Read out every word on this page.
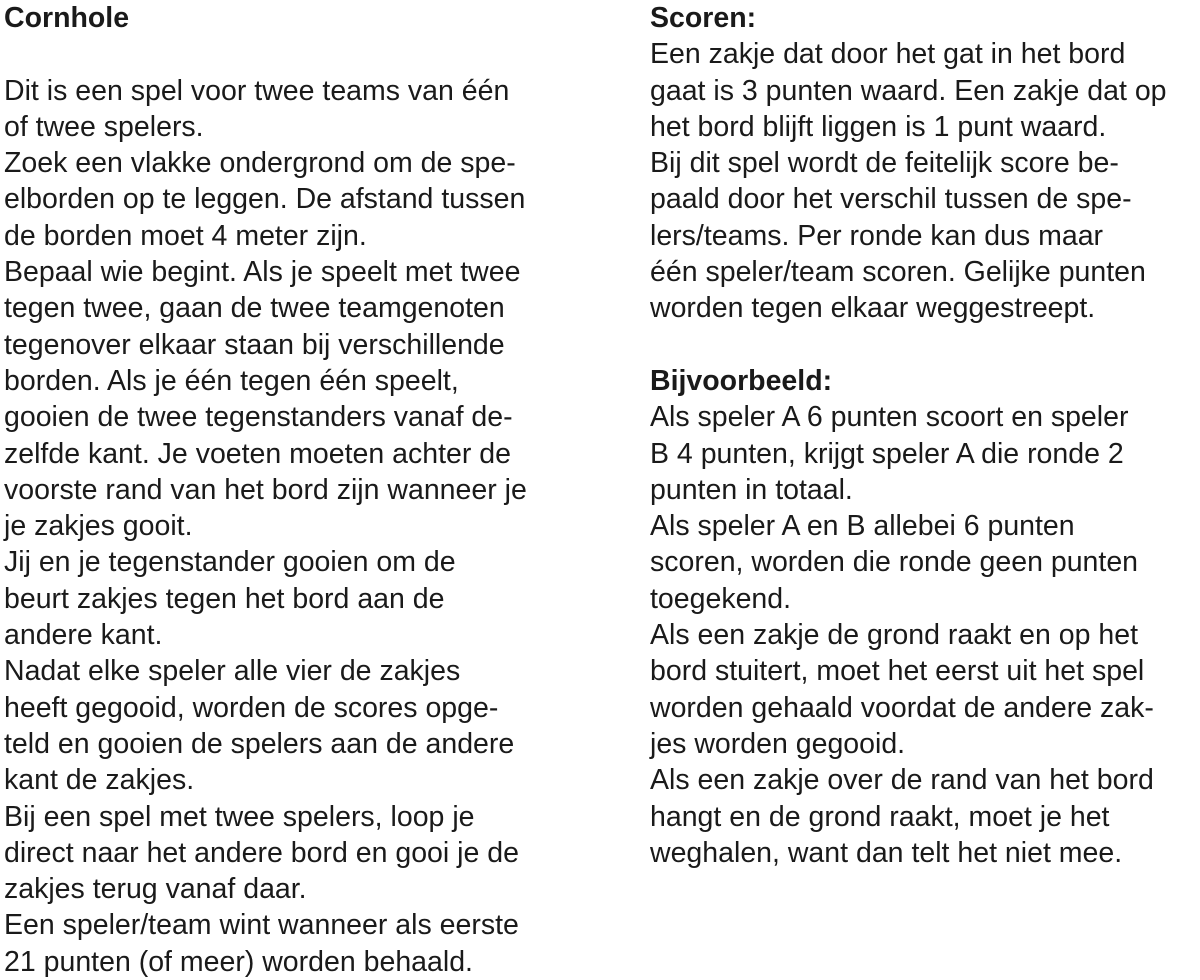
Cornhole
Dit is een spel voor twee teams van één
of twee spelers.
Zoek een vlakke ondergrond om de spe-
elborden op te leggen. De afstand tussen
de borden moet 4 meter zijn.
Bepaal wie begint. Als je speelt met twee
tegen twee, gaan de twee teamgenoten
tegenover elkaar staan bij verschillende
borden. Als je één tegen één speelt,
gooien de twee tegenstanders vanaf de-
zelfde kant. Je voeten moeten achter de
voorste rand van het bord zijn wanneer je
je zakjes gooit.
Jij en je tegenstander gooien om de
beurt zakjes tegen het bord aan de
andere kant.
Nadat elke speler alle vier de zakjes
heeft gegooid, worden de scores opge-
teld en gooien de spelers aan de andere
kant de zakjes.
Bij een spel met twee spelers, loop je
direct naar het andere bord en gooi je de
zakjes terug vanaf daar.
Een speler/team wint wanneer als eerste
21 punten (of meer) worden behaald.
Scoren:
Een zakje dat door het gat in het bord
gaat is 3 punten waard. Een zakje dat op
het bord blijft liggen is 1 punt waard.
Bij dit spel wordt de feitelijk score be-
paald door het verschil tussen de spe-
lers/teams. Per ronde kan dus maar
één speler/team scoren. Gelijke punten
worden tegen elkaar weggestreept.
Bijvoorbeeld:
Als speler A 6 punten scoort en speler
B 4 punten, krijgt speler A die ronde 2
punten in totaal.
Als speler A en B allebei 6 punten
scoren, worden die ronde geen punten
toegekend.
Als een zakje de grond raakt en op het
bord stuitert, moet het eerst uit het spel
worden gehaald voordat de andere zak-
jes worden gegooid.
Als een zakje over de rand van het bord
hangt en de grond raakt, moet je het
weghalen, want dan telt het niet mee.
